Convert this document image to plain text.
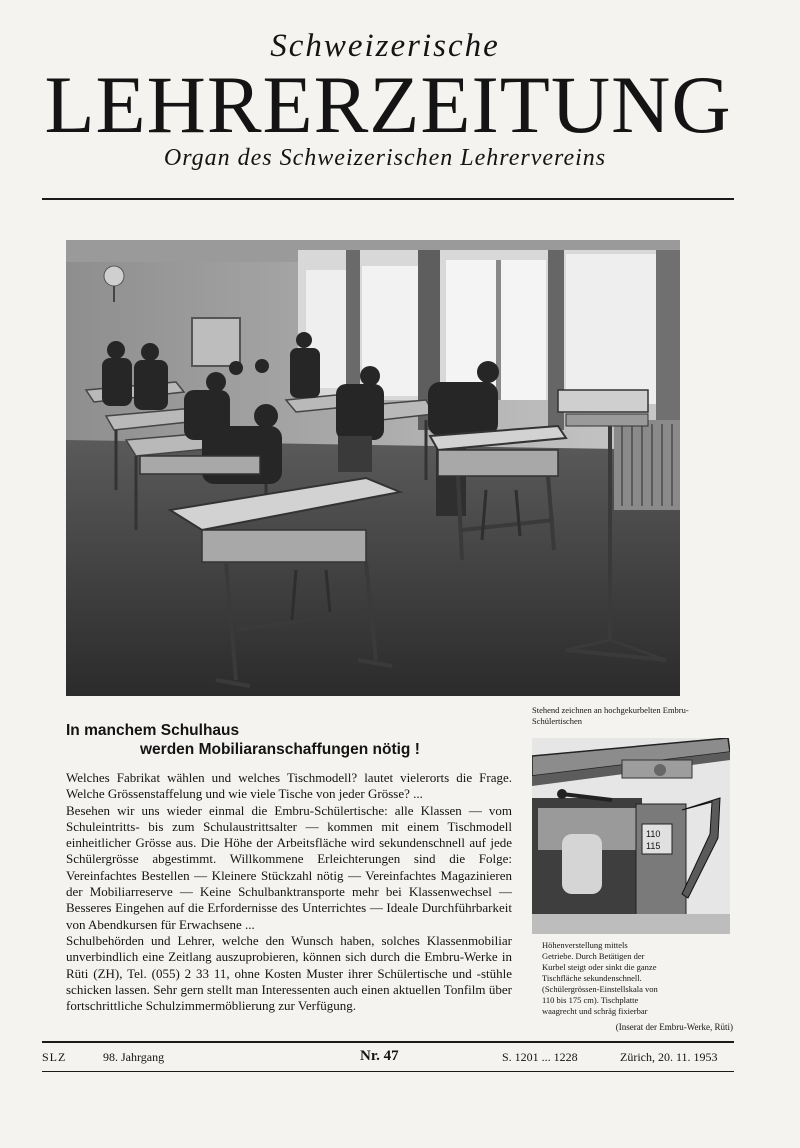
Schweizerische
LEHRERZEITUNG
Organ des Schweizerischen Lehrervereins
In manchem Schulhaus
werden Mobiliaranschaffungen nötig !

Welches Fabrikat wählen und welches Tischmodell? lautet vielerorts die Frage. Welche Grössenstaffelung und wie viele Tische von jeder Grösse? ...

Besehen wir uns wieder einmal die Embru-Schülertische: alle Klassen — vom Schuleintritts- bis zum Schulaustrittsalter — kommen mit einem Tischmodell einheitlicher Grösse aus. Die Höhe der Arbeitsfläche wird sekundenschnell auf jede Schülergrösse abgestimmt. Willkommene Erleichterungen sind die Folge: Vereinfachtes Bestellen — Kleinere Stückzahl nötig — Vereinfachtes Magazinieren der Mobiliarreserve — Keine Schulbanktransporte mehr bei Klassenwechsel — Besseres Eingehen auf die Erfordernisse des Unterrichtes — Ideale Durchführbarkeit von Abendkursen für Erwachsene ...

Schulbehörden und Lehrer, welche den Wunsch haben, solches Klassenmobiliar unverbindlich eine Zeitlang auszuprobieren, können sich durch die Embru-Werke in Rüti (ZH), Tel. (055) 2 33 11, ohne Kosten Muster ihrer Schülertische und -stühle schicken lassen. Sehr gern stellt man Interessenten auch einen aktuellen Tonfilm über fortschrittliche Schulzimmermöblierung zur Verfügung.

Stehend zeichnen an hochgekurbelten Embru-Schülertischen
110
115
Höhenverstellung mittels Getriebe. Durch Betätigen der Kurbel steigt oder sinkt die ganze Tischfläche sekundenschnell. (Schülergrössen-Einstellskala von 110 bis 175 cm). Tischplatte waagrecht und schräg fixierbar
(Inserat der Embru-Werke, Rüti)
SLZ	98. Jahrgang	Nr. 47	S. 1201 ... 1228	Zürich, 20. 11. 1953
